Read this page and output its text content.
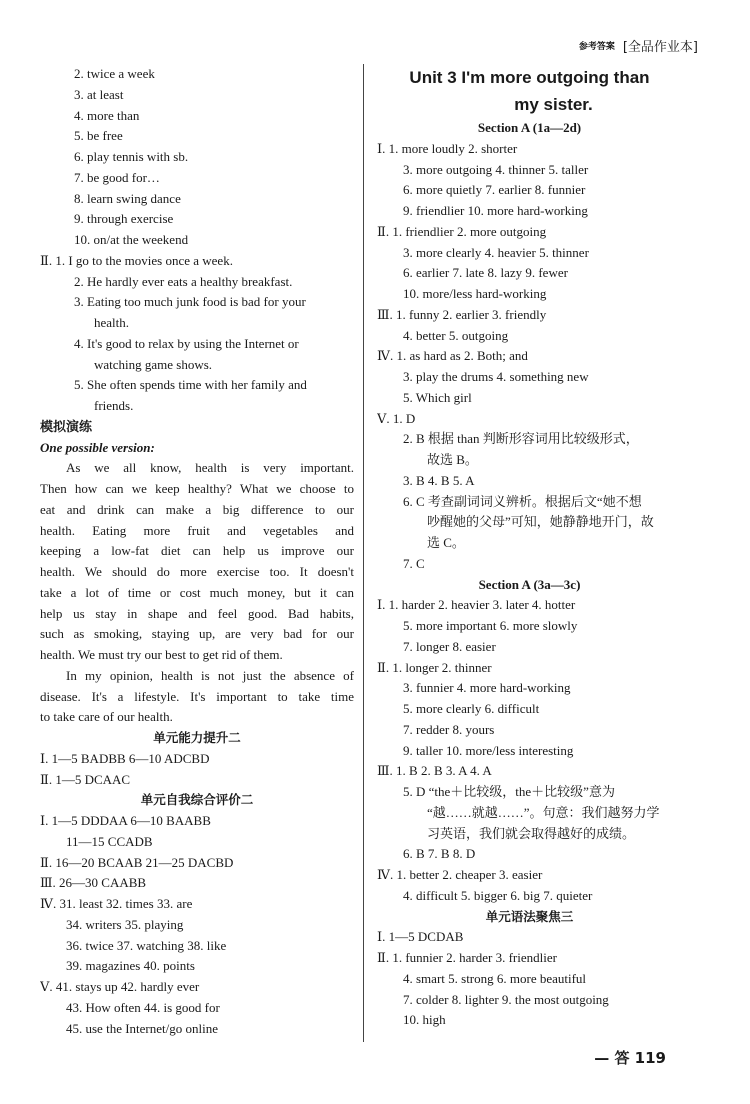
参考答案 [全品作业本]
2. twice a week
3. at least
4. more than
5. be free
6. play tennis with sb.
7. be good for…
8. learn swing dance
9. through exercise
10. on/at the weekend
Ⅱ. 1. I go to the movies once a week.
2. He hardly ever eats a healthy breakfast.
3. Eating too much junk food is bad for your
health.
4. It's good to relax by using the Internet or
watching game shows.
5. She often spends time with her family and
friends.
模拟演练
One possible version:
As we all know, health is very important.
Then how can we keep healthy? What we choose to
eat and drink can make a big difference to our
health. Eating more fruit and vegetables and
keeping a low-fat diet can help us improve our
health. We should do more exercise too. It doesn't
take a lot of time or cost much money, but it can
help us stay in shape and feel good. Bad habits,
such as smoking, staying up, are very bad for our
health. We must try our best to get rid of them.
In my opinion, health is not just the absence of
disease. It's a lifestyle. It's important to take time
to take care of our health.
单元能力提升二
Ⅰ. 1—5 BADBB 6—10 ADCBD
Ⅱ. 1—5 DCAAC
单元自我综合评价二
Ⅰ. 1—5 DDDAA 6—10 BAABB
11—15 CCADB
Ⅱ. 16—20 BCAAB 21—25 DACBD
Ⅲ. 26—30 CAABB
Ⅳ. 31. least 32. times 33. are
34. writers 35. playing
36. twice 37. watching 38. like
39. magazines 40. points
Ⅴ. 41. stays up 42. hardly ever
43. How often 44. is good for
45. use the Internet/go online
Unit 3 I'm more outgoing than
my sister.
Section A (1a—2d)
Ⅰ. 1. more loudly 2. shorter
3. more outgoing 4. thinner 5. taller
6. more quietly 7. earlier 8. funnier
9. friendlier 10. more hard-working
Ⅱ. 1. friendlier 2. more outgoing
3. more clearly 4. heavier 5. thinner
6. earlier 7. late 8. lazy 9. fewer
10. more/less hard-working
Ⅲ. 1. funny 2. earlier 3. friendly
4. better 5. outgoing
Ⅳ. 1. as hard as 2. Both; and
3. play the drums 4. something new
5. Which girl
Ⅴ. 1. D
2. B 根据 than 判断形容词用比较级形式，
故选 B。
3. B 4. B 5. A
6. C 考查副词词义辨析。根据后文“她不想
吵醒她的父母”可知，她静静地开门，故
选 C。
7. C
Section A (3a—3c)
Ⅰ. 1. harder 2. heavier 3. later 4. hotter
5. more important 6. more slowly
7. longer 8. easier
Ⅱ. 1. longer 2. thinner
3. funnier 4. more hard-working
5. more clearly 6. difficult
7. redder 8. yours
9. taller 10. more/less interesting
Ⅲ. 1. B 2. B 3. A 4. A
5. D “the＋比较级，the＋比较级”意为
“越……就越……”。句意：我们越努力学
习英语，我们就会取得越好的成绩。
6. B 7. B 8. D
Ⅳ. 1. better 2. cheaper 3. easier
4. difficult 5. bigger 6. big 7. quieter
单元语法聚焦三
Ⅰ. 1—5 DCDAB
Ⅱ. 1. funnier 2. harder 3. friendlier
4. smart 5. strong 6. more beautiful
7. colder 8. lighter 9. the most outgoing
10. high
— 答 119
